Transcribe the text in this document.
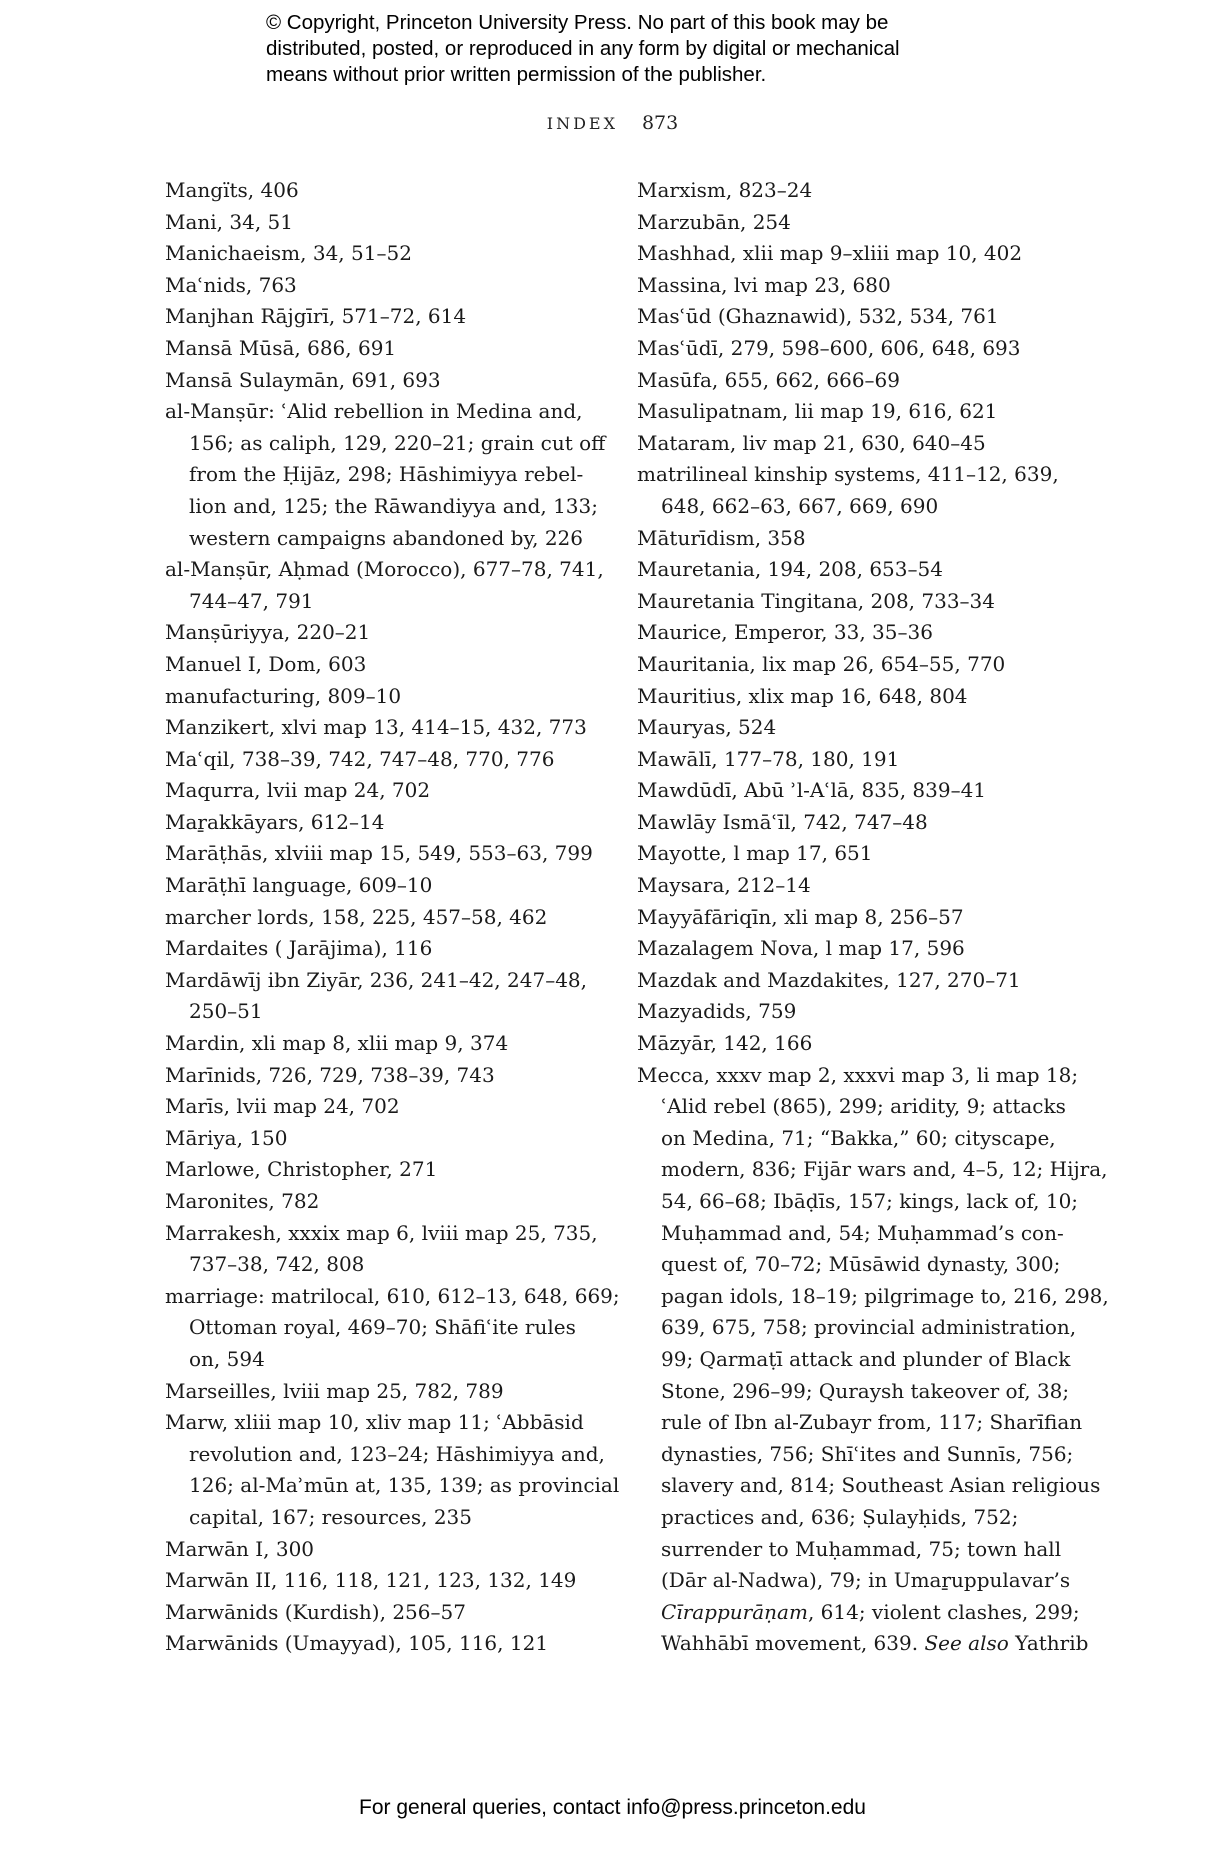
© Copyright, Princeton University Press. No part of this book may be
distributed, posted, or reproduced in any form by digital or mechanical
means without prior written permission of the publisher.
INDEX 873
Mangïts, 406
Mani, 34, 51
Manichaeism, 34, 51–52
Maʿnids, 763
Manjhan Rājgīrī, 571–72, 614
Mansā Mūsā, 686, 691
Mansā Sulaymān, 691, 693
al-Manṣūr: ʿAlid rebellion in Medina and,
156; as caliph, 129, 220–21; grain cut off
from the Ḥijāz, 298; Hāshimiyya rebel-
lion and, 125; the Rāwandiyya and, 133;
western campaigns abandoned by, 226
al-Manṣūr, Aḥmad (Morocco), 677–78, 741,
744–47, 791
Manṣūriyya, 220–21
Manuel I, Dom, 603
manufacturing, 809–10
Manzikert, xlvi map 13, 414–15, 432, 773
Maʿqil, 738–39, 742, 747–48, 770, 776
Maqurra, lvii map 24, 702
Maṟakkāyars, 612–14
Marāṭhās, xlviii map 15, 549, 553–63, 799
Marāṭhī language, 609–10
marcher lords, 158, 225, 457–58, 462
Mardaites ( Jarājima), 116
Mardāwīj ibn Ziyār, 236, 241–42, 247–48,
250–51
Mardin, xli map 8, xlii map 9, 374
Marīnids, 726, 729, 738–39, 743
Marīs, lvii map 24, 702
Māriya, 150
Marlowe, Christopher, 271
Maronites, 782
Marrakesh, xxxix map 6, lviii map 25, 735,
737–38, 742, 808
marriage: matrilocal, 610, 612–13, 648, 669;
Ottoman royal, 469–70; Shāfiʿite rules
on, 594
Marseilles, lviii map 25, 782, 789
Marw, xliii map 10, xliv map 11; ʿAbbāsid
revolution and, 123–24; Hāshimiyya and,
126; al-Maʾmūn at, 135, 139; as provincial
capital, 167; resources, 235
Marwān I, 300
Marwān II, 116, 118, 121, 123, 132, 149
Marwānids (Kurdish), 256–57
Marwānids (Umayyad), 105, 116, 121
Marxism, 823–24
Marzubān, 254
Mashhad, xlii map 9–xliii map 10, 402
Massina, lvi map 23, 680
Masʿūd (Ghaznawid), 532, 534, 761
Masʿūdī, 279, 598–600, 606, 648, 693
Masūfa, 655, 662, 666–69
Masulipatnam, lii map 19, 616, 621
Mataram, liv map 21, 630, 640–45
matrilineal kinship systems, 411–12, 639,
648, 662–63, 667, 669, 690
Māturīdism, 358
Mauretania, 194, 208, 653–54
Mauretania Tingitana, 208, 733–34
Maurice, Emperor, 33, 35–36
Mauritania, lix map 26, 654–55, 770
Mauritius, xlix map 16, 648, 804
Mauryas, 524
Mawālī, 177–78, 180, 191
Mawdūdī, Abū ʾl-Aʿlā, 835, 839–41
Mawlāy Ismāʿīl, 742, 747–48
Mayotte, l map 17, 651
Maysara, 212–14
Mayyāfāriqīn, xli map 8, 256–57
Mazalagem Nova, l map 17, 596
Mazdak and Mazdakites, 127, 270–71
Mazyadids, 759
Māzyār, 142, 166
Mecca, xxxv map 2, xxxvi map 3, li map 18;
ʿAlid rebel (865), 299; aridity, 9; attacks
on Medina, 71; “Bakka,” 60; cityscape,
modern, 836; Fijār wars and, 4–5, 12; Hijra,
54, 66–68; Ibāḍīs, 157; kings, lack of, 10;
Muḥammad and, 54; Muḥammad’s con-
quest of, 70–72; Mūsāwid dynasty, 300;
pagan idols, 18–19; pilgrimage to, 216, 298,
639, 675, 758; provincial administration,
99; Qarmaṭī attack and plunder of Black
Stone, 296–99; Quraysh takeover of, 38;
rule of Ibn al-Zubayr from, 117; Sharīfian
dynasties, 756; Shīʿites and Sunnīs, 756;
slavery and, 814; Southeast Asian religious
practices and, 636; Ṣulayḥids, 752;
surrender to Muḥammad, 75; town hall
(Dār al-Nadwa), 79; in Umaṟuppulavar’s
Cīrappurāṇam, 614; violent clashes, 299;
Wahhābī movement, 639. See also Yathrib
For general queries, contact info@press.princeton.edu
